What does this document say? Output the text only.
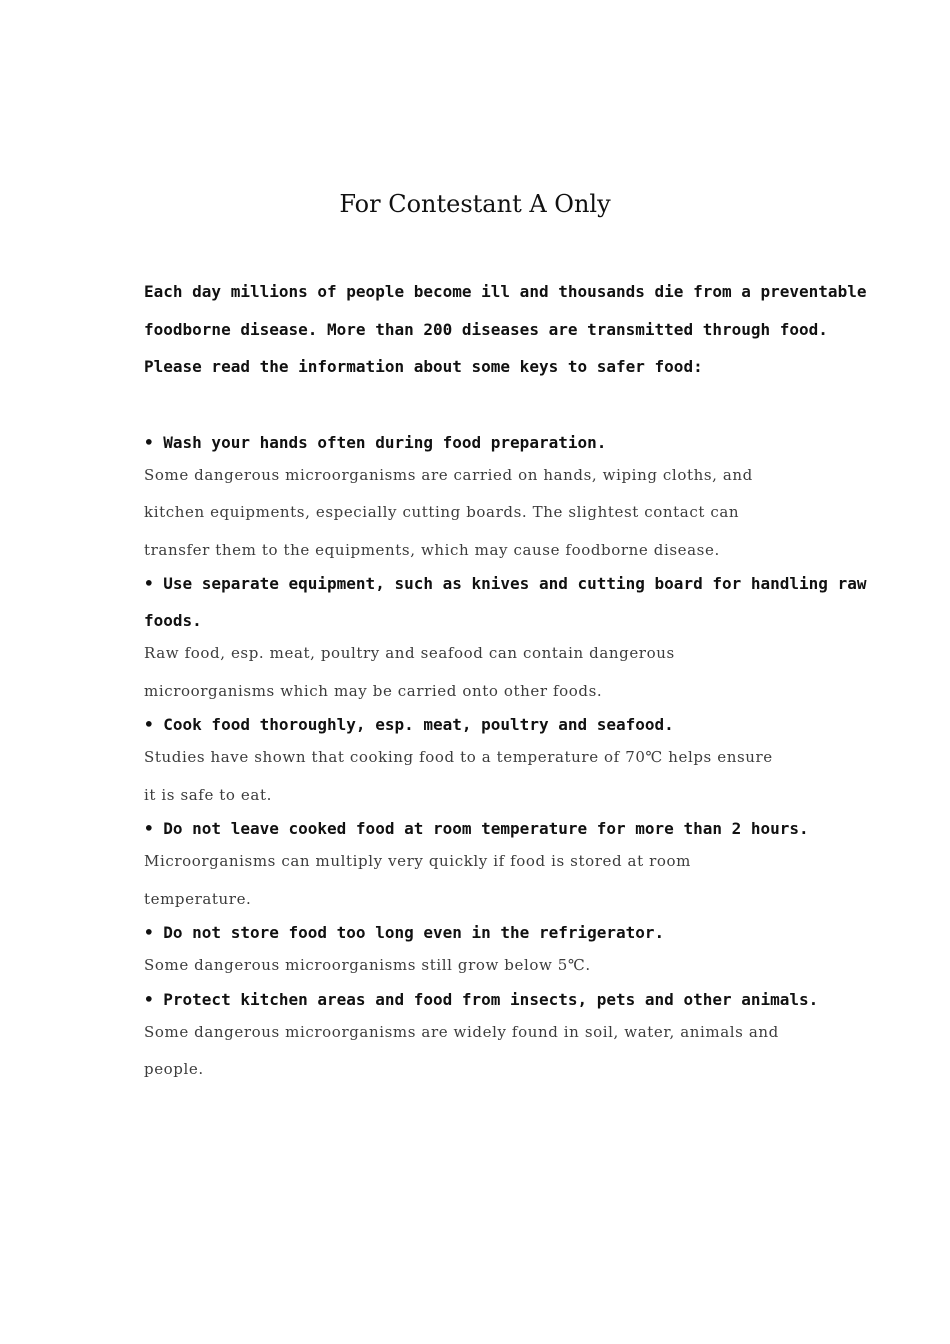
For Contestant A Only

Each day millions of people become ill and thousands die from a preventable
foodborne disease. More than 200 diseases are transmitted through food.
Please read the information about some keys to safer food:

• Wash your hands often during food preparation.

Some dangerous microorganisms are carried on hands, wiping cloths, and
kitchen equipments, especially cutting boards. The slightest contact can
transfer them to the equipments, which may cause foodborne disease.

• Use separate equipment, such as knives and cutting board for handling raw
foods.

Raw food, esp. meat, poultry and seafood can contain dangerous
microorganisms which may be carried onto other foods.

• Cook food thoroughly, esp. meat, poultry and seafood.

Studies have shown that cooking food to a temperature of 70℃ helps ensure
it is safe to eat.

• Do not leave cooked food at room temperature for more than 2 hours.

Microorganisms can multiply very quickly if food is stored at room
temperature.

• Do not store food too long even in the refrigerator.

Some dangerous microorganisms still grow below 5℃.

• Protect kitchen areas and food from insects, pets and other animals.

Some dangerous microorganisms are widely found in soil, water, animals and
people.
